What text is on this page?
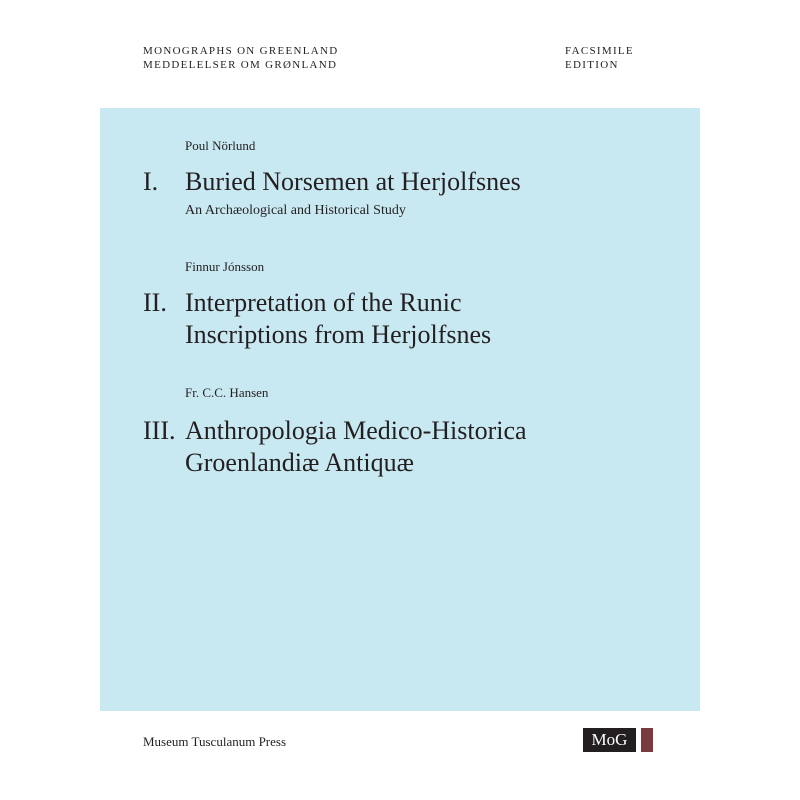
MONOGRAPHS ON GREENLAND
MEDDELELSER OM GRØNLAND
FACSIMILE
EDITION
Poul Nörlund
I. Buried Norsemen at Herjolfsnes
An Archæological and Historical Study
Finnur Jónsson
II. Interpretation of the Runic
Inscriptions from Herjolfsnes
Fr. C.C. Hansen
III. Anthropologia Medico-Historica
Groenlandiæ Antiquæ
Museum Tusculanum Press	MoG
